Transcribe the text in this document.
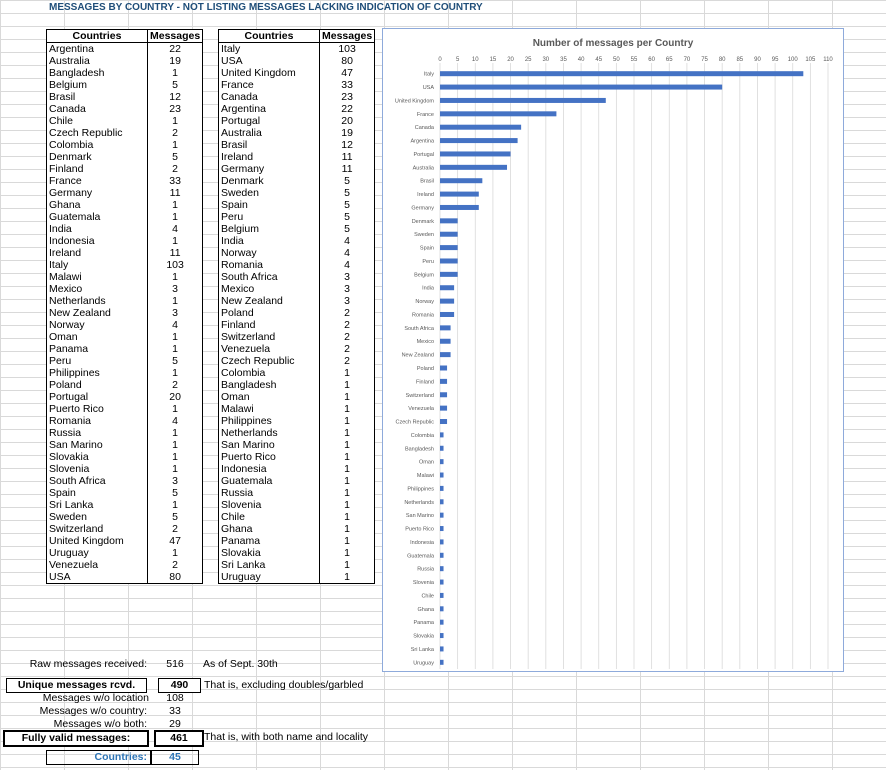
MESSAGES BY COUNTRY - NOT LISTING MESSAGES LACKING INDICATION OF COUNTRY
Countries	Messages
Argentina	22
Australia	19
Bangladesh	1
Belgium	5
Brasil	12
Canada	23
Chile	1
Czech Republic	2
Colombia	1
Denmark	5
Finland	2
France	33
Germany	11
Ghana	1
Guatemala	1
India	4
Indonesia	1
Ireland	11
Italy	103
Malawi	1
Mexico	3
Netherlands	1
New Zealand	3
Norway	4
Oman	1
Panama	1
Peru	5
Philippines	1
Poland	2
Portugal	20
Puerto Rico	1
Romania	4
Russia	1
San Marino	1
Slovakia	1
Slovenia	1
South Africa	3
Spain	5
Sri Lanka	1
Sweden	5
Switzerland	2
United Kingdom	47
Uruguay	1
Venezuela	2
USA	80
Countries	Messages
Italy	103
USA	80
United Kingdom	47
France	33
Canada	23
Argentina	22
Portugal	20
Australia	19
Brasil	12
Ireland	11
Germany	11
Denmark	5
Sweden	5
Spain	5
Peru	5
Belgium	5
India	4
Norway	4
Romania	4
South Africa	3
Mexico	3
New Zealand	3
Poland	2
Finland	2
Switzerland	2
Venezuela	2
Czech Republic	2
Colombia	1
Bangladesh	1
Oman	1
Malawi	1
Philippines	1
Netherlands	1
San Marino	1
Puerto Rico	1
Indonesia	1
Guatemala	1
Russia	1
Slovenia	1
Chile	1
Ghana	1
Panama	1
Slovakia	1
Sri Lanka	1
Uruguay	1
Raw messages received:	516	As of Sept. 30th
Unique messages rcvd.	490	That is, excluding doubles/garbled
Messages w/o location	108
Messages w/o country:	33
Messages w/o both:	29
Fully valid messages:	461	That is, with both name and locality
Countries:	45
Number of messages per Country
0 5 10 15 20 25 30 35 40 45 50 55 60 65 70 75 80 85 90 95 100 105 110
Italy
USA
United Kingdom
France
Canada
Argentina
Portugal
Australia
Brasil
Ireland
Germany
Denmark
Sweden
Spain
Peru
Belgium
India
Norway
Romania
South Africa
Mexico
New Zealand
Poland
Finland
Switzerland
Venezuela
Czech Republic
Colombia
Bangladesh
Oman
Malawi
Philippines
Netherlands
San Marino
Puerto Rico
Indonesia
Guatemala
Russia
Slovenia
Chile
Ghana
Panama
Slovakia
Sri Lanka
Uruguay
